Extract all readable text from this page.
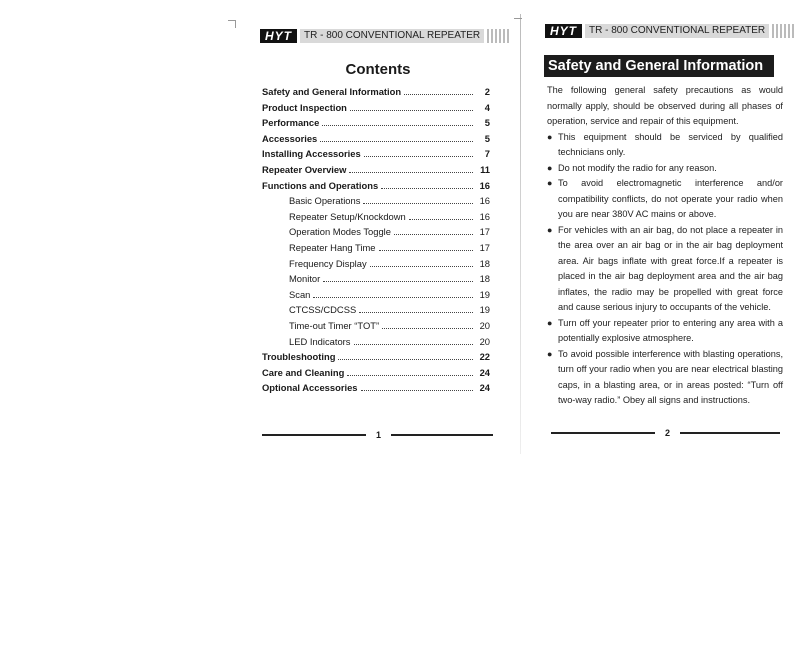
HYT	TR - 800 CONVENTIONAL REPEATER
Contents
Safety and General Information	2
Product Inspection	4
Performance	5
Accessories	5
Installing Accessories	7
Repeater Overview	11
Functions and Operations	16
Basic Operations	16
Repeater Setup/Knockdown	16
Operation Modes Toggle	17
Repeater Hang Time	17
Frequency Display	18
Monitor	18
Scan	19
CTCSS/CDCSS	19
Time-out Timer “TOT”	20
LED Indicators	20
Troubleshooting	22
Care and Cleaning	24
Optional Accessories	24
1
HYT	TR - 800 CONVENTIONAL REPEATER
Safety and General Information
The following general safety precautions as would normally apply, should be observed during all phases of operation, service and repair of this equipment.
● This equipment should be serviced by qualified technicians only.
● Do not modify the radio for any reason.
● To avoid electromagnetic interference and/or compatibility conflicts, do not operate your radio when you are near 380V AC mains or above.
● For vehicles with an air bag, do not place a repeater in the area over an air bag or in the air bag deployment area. Air bags inflate with great force.If a repeater is placed in the air bag deployment area and the air bag inflates, the radio may be propelled with great force and cause serious injury to occupants of the vehicle.
● Turn off your repeater prior to entering any area with a potentially explosive atmosphere.
● To avoid possible interference with blasting operations, turn off your radio when you are near electrical blasting caps, in a blasting area, or in areas posted: “Turn off two-way radio.” Obey all signs and instructions.
2
